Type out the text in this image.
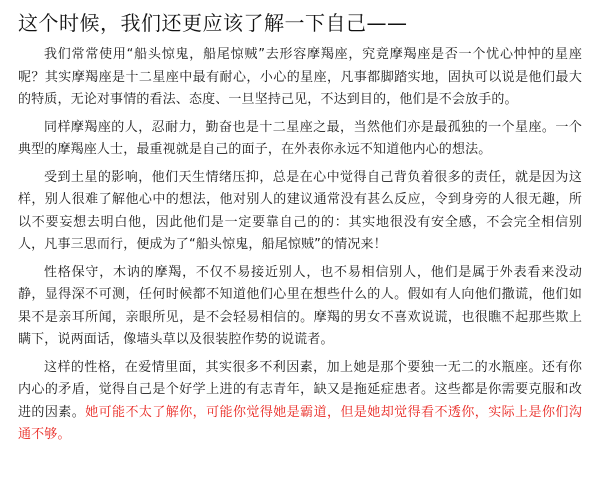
这个时候，我们还更应该了解一下自己——

我们常常使用“船头惊鬼，船尾惊贼”去形容摩羯座，究竟摩羯座是否一个忧心忡忡的星座呢？其实摩羯座是十二星座中最有耐心，小心的星座，凡事都脚踏实地，固执可以说是他们最大的特质，无论对事情的看法、态度、一旦坚持己见，不达到目的，他们是不会放手的。

同样摩羯座的人，忍耐力，勤奋也是十二星座之最，当然他们亦是最孤独的一个星座。一个典型的摩羯座人士，最重视就是自己的面子，在外表你永远不知道他内心的想法。

受到土星的影响，他们天生情绪压抑，总是在心中觉得自己背负着很多的责任，就是因为这样，别人很难了解他心中的想法，他对别人的建议通常没有甚么反应，令到身旁的人很无趣，所以不要妄想去明白他，因此他们是一定要靠自己的的：其实地很没有安全感，不会完全相信别人，凡事三思而行，便成为了“船头惊鬼，船尾惊贼”的情况来！

性格保守，木讷的摩羯，不仅不易接近别人，也不易相信别人，他们是属于外表看来没动静，显得深不可测，任何时候都不知道他们心里在想些什么的人。假如有人向他们撒谎，他们如果不是亲耳所闻，亲眼所见，是不会轻易相信的。摩羯的男女不喜欢说谎，也很瞧不起那些欺上瞒下，说两面话，像墙头草以及很装腔作势的说谎者。

这样的性格，在爱情里面，其实很多不利因素，加上她是那个要独一无二的水瓶座。还有你内心的矛盾，觉得自己是个好学上进的有志青年，缺又是拖延症患者。这些都是你需要克服和改进的因素。她可能不太了解你，可能你觉得她是霸道，但是她却觉得看不透你，实际上是你们沟通不够。
